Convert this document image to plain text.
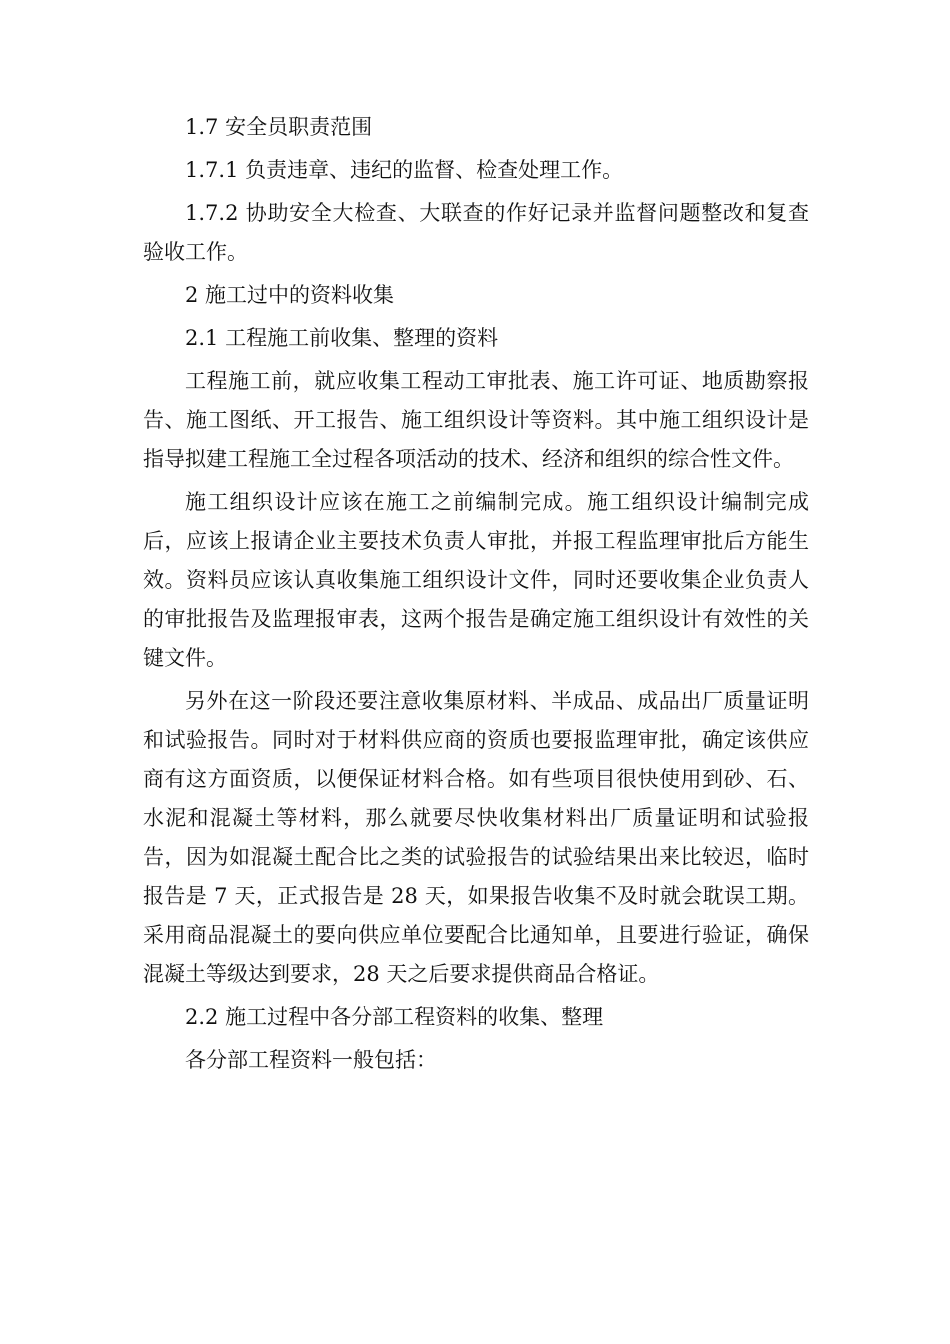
1.7 安全员职责范围

1.7.1 负责违章、违纪的监督、检查处理工作。

1.7.2 协助安全大检查、大联查的作好记录并监督问题整改和复查验收工作。

2 施工过中的资料收集

2.1 工程施工前收集、整理的资料

工程施工前，就应收集工程动工审批表、施工许可证、地质勘察报告、施工图纸、开工报告、施工组织设计等资料。其中施工组织设计是指导拟建工程施工全过程各项活动的技术、经济和组织的综合性文件。

施工组织设计应该在施工之前编制完成。施工组织设计编制完成后，应该上报请企业主要技术负责人审批，并报工程监理审批后方能生效。资料员应该认真收集施工组织设计文件，同时还要收集企业负责人的审批报告及监理报审表，这两个报告是确定施工组织设计有效性的关键文件。

另外在这一阶段还要注意收集原材料、半成品、成品出厂质量证明和试验报告。同时对于材料供应商的资质也要报监理审批，确定该供应商有这方面资质，以便保证材料合格。如有些项目很快使用到砂、石、水泥和混凝土等材料，那么就要尽快收集材料出厂质量证明和试验报告，因为如混凝土配合比之类的试验报告的试验结果出来比较迟，临时报告是 7 天，正式报告是 28 天，如果报告收集不及时就会耽误工期。采用商品混凝土的要向供应单位要配合比通知单，且要进行验证，确保混凝土等级达到要求，28 天之后要求提供商品合格证。

2.2 施工过程中各分部工程资料的收集、整理

各分部工程资料一般包括：
